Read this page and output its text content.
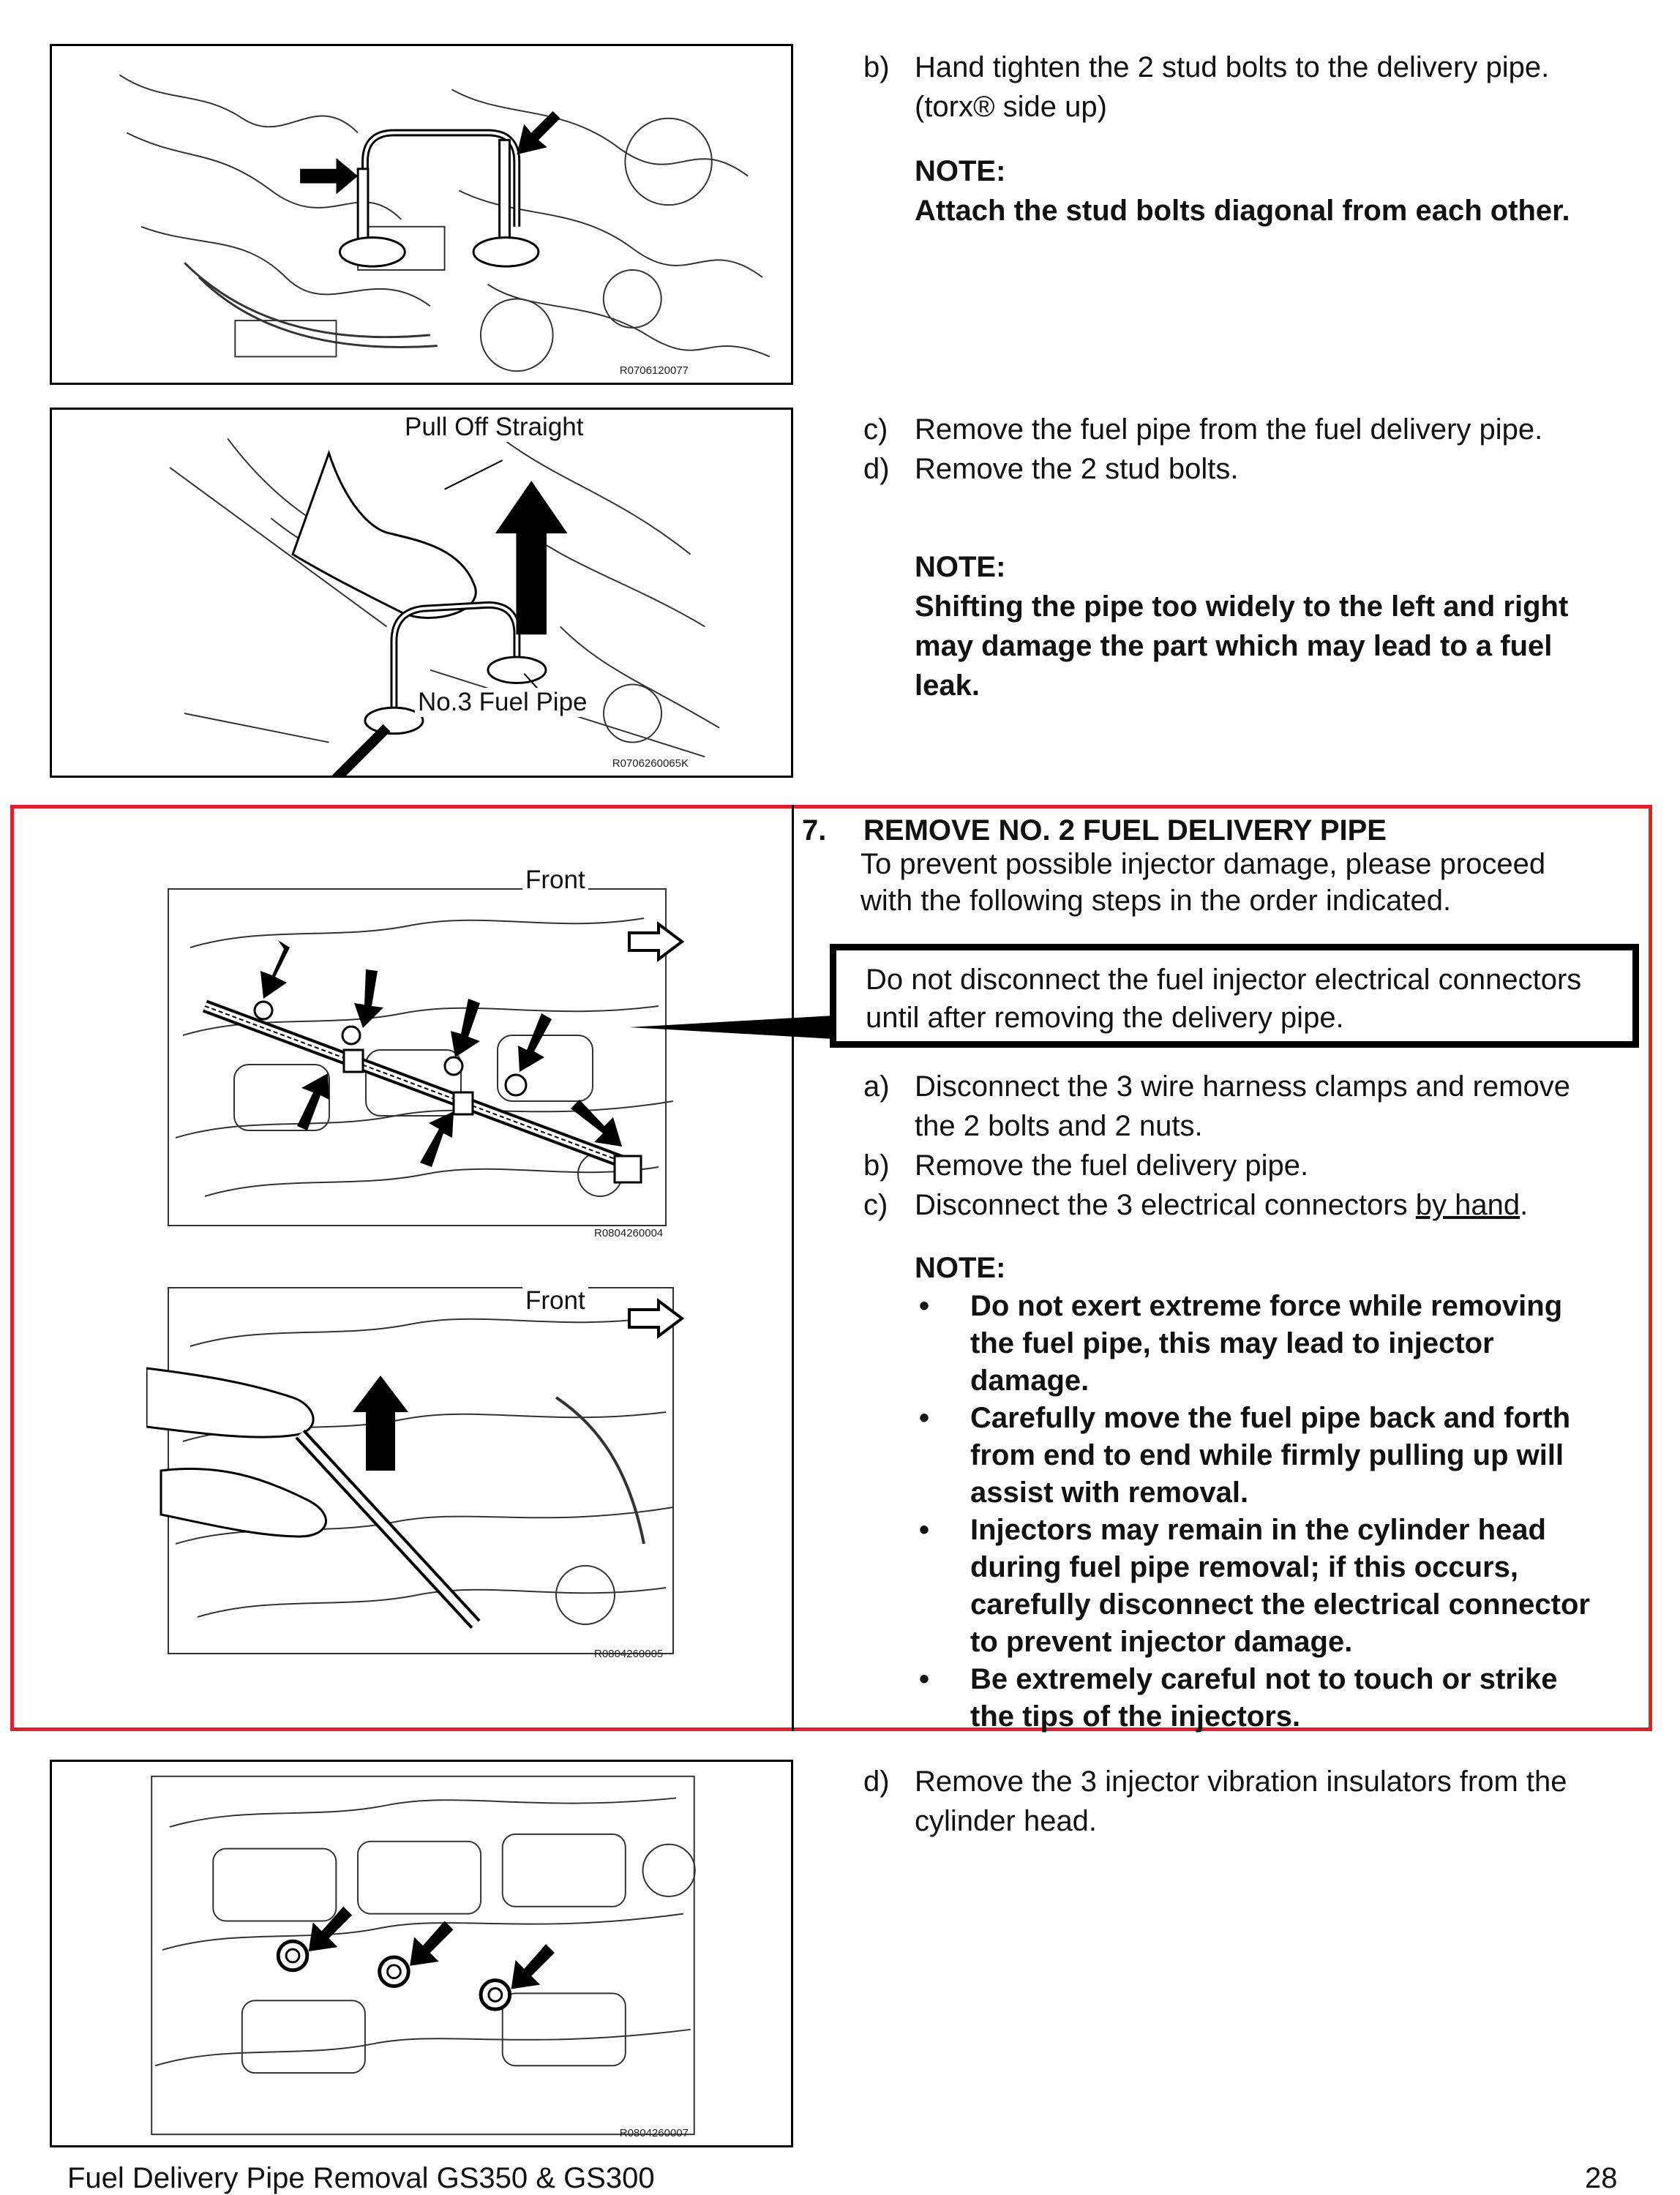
R0706120077
b) Hand tighten the 2 stud bolts to the delivery pipe.
(torx® side up)
NOTE:
Attach the stud bolts diagonal from each other.
Pull Off Straight
No.3 Fuel Pipe
R0706260065K
c) Remove the fuel pipe from the fuel delivery pipe.
d) Remove the 2 stud bolts.
NOTE:
Shifting the pipe too widely to the left and right
may damage the part which may lead to a fuel
leak.
Front
R0804260004
Front
R0804260005
7. REMOVE NO. 2 FUEL DELIVERY PIPE
To prevent possible injector damage, please proceed
with the following steps in the order indicated.
Do not disconnect the fuel injector electrical connectors
until after removing the delivery pipe.
a) Disconnect the 3 wire harness clamps and remove
the 2 bolts and 2 nuts.
b) Remove the fuel delivery pipe.
c) Disconnect the 3 electrical connectors by hand.
NOTE:
• Do not exert extreme force while removing
the fuel pipe, this may lead to injector
damage.
• Carefully move the fuel pipe back and forth
from end to end while firmly pulling up will
assist with removal.
• Injectors may remain in the cylinder head
during fuel pipe removal; if this occurs,
carefully disconnect the electrical connector
to prevent injector damage.
• Be extremely careful not to touch or strike
the tips of the injectors.
R0804260007
d) Remove the 3 injector vibration insulators from the
cylinder head.
Fuel Delivery Pipe Removal GS350 & GS300	28
